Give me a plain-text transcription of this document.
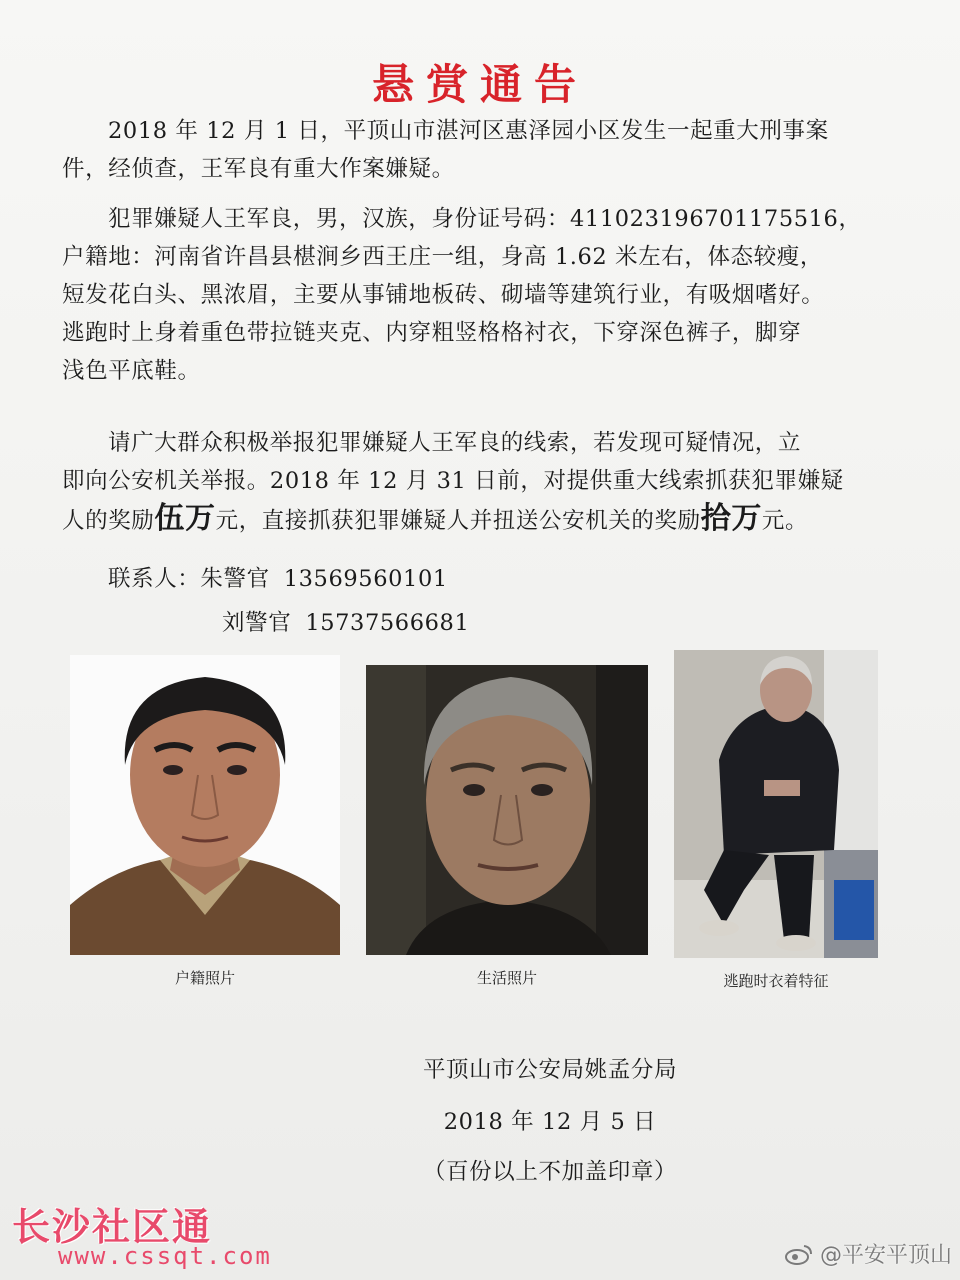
悬赏通告
2018 年 12 月 1 日，平顶山市湛河区惠泽园小区发生一起重大刑事案
件，经侦查，王军良有重大作案嫌疑。
犯罪嫌疑人王军良，男，汉族，身份证号码：411023196701175516，
户籍地：河南省许昌县椹涧乡西王庄一组，身高 1.62 米左右，体态较瘦，
短发花白头、黑浓眉，主要从事铺地板砖、砌墙等建筑行业，有吸烟嗜好。
逃跑时上身着重色带拉链夹克、内穿粗竖格格衬衣，下穿深色裤子，脚穿
浅色平底鞋。
请广大群众积极举报犯罪嫌疑人王军良的线索，若发现可疑情况，立
即向公安机关举报。2018 年 12 月 31 日前，对提供重大线索抓获犯罪嫌疑
人的奖励伍万元，直接抓获犯罪嫌疑人并扭送公安机关的奖励拾万元。
联系人：朱警官 13569560101
刘警官 15737566681
户籍照片	生活照片	逃跑时衣着特征
平顶山市公安局姚孟分局
2018 年 12 月 5 日
（百份以上不加盖印章）
长沙社区通
www.cssqt.com	@平安平顶山
